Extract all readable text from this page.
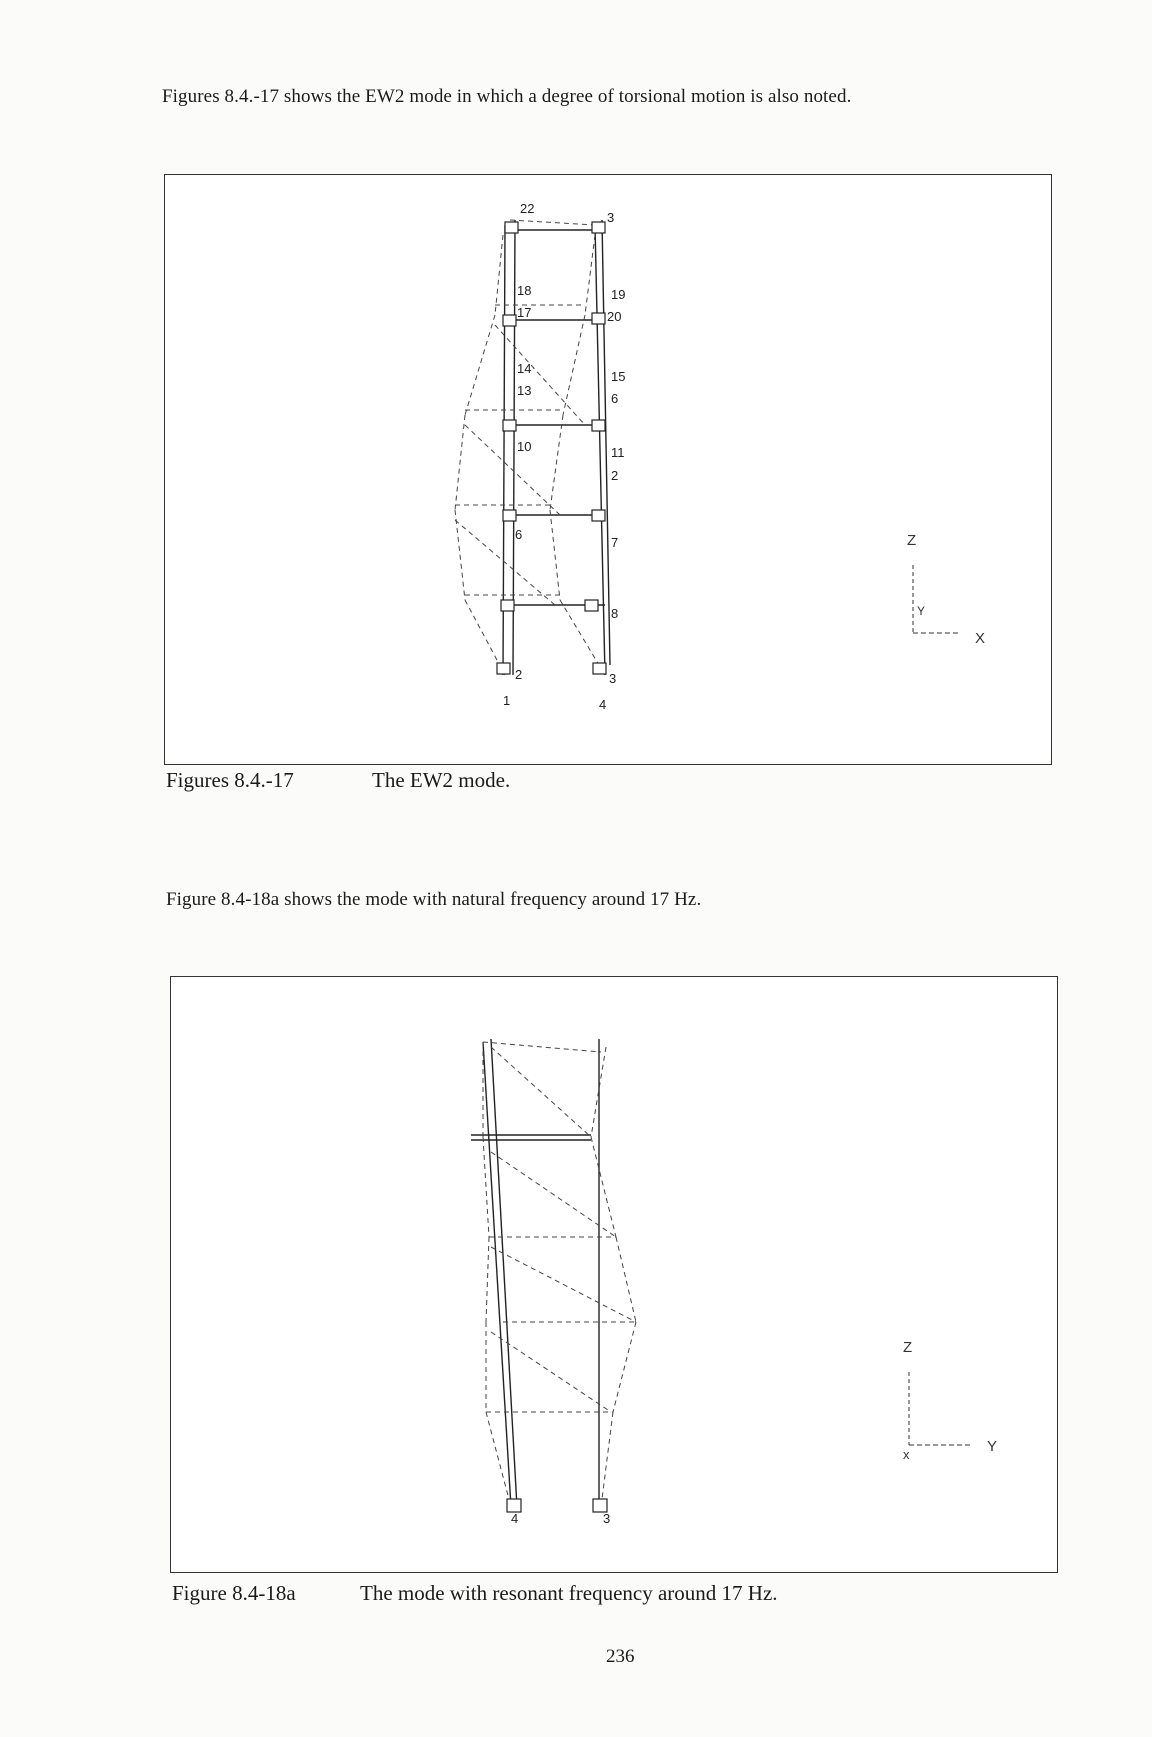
Figures 8.4.-17 shows the EW2 mode in which a degree of torsional motion is also noted.
22
3
18	19
17	20
14
15
13
6
10	11
2
6
7
8
2	3
1	4
Z
Y
X
Figures 8.4.-17	The EW2 mode.
Figure 8.4-18a shows the mode with natural frequency around 17 Hz.
4	3
Z
Y
x
Figure 8.4-18a	The mode with resonant frequency around 17 Hz.
236
